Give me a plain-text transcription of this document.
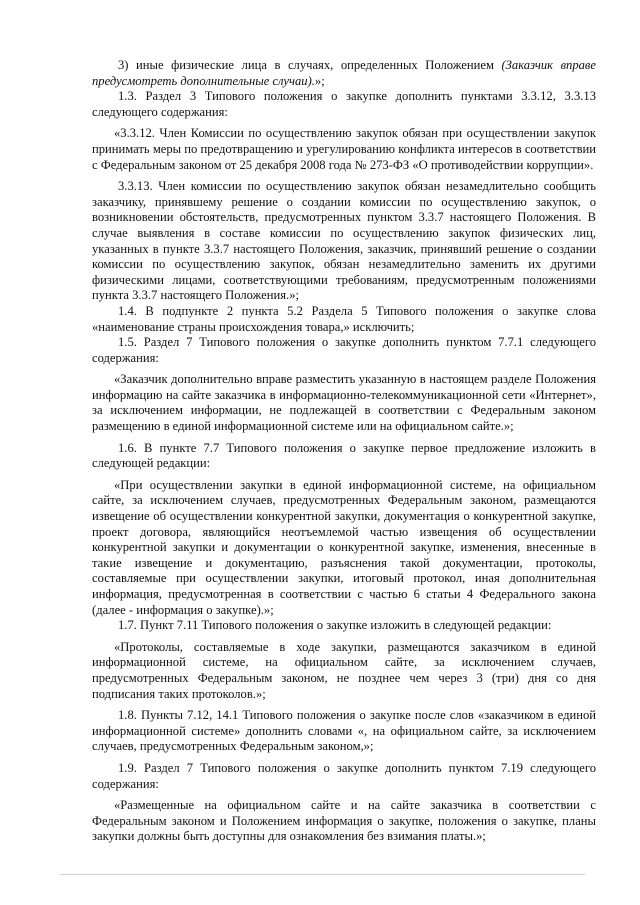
3) иные физические лица в случаях, определенных Положением (Заказчик вправе предусмотреть дополнительные случаи).»;

1.3. Раздел 3 Типового положения о закупке дополнить пунктами 3.3.12, 3.3.13 следующего содержания:

«3.3.12. Член Комиссии по осуществлению закупок обязан при осуществлении закупок принимать меры по предотвращению и урегулированию конфликта интересов в соответствии с Федеральным законом от 25 декабря 2008 года № 273-ФЗ «О противодействии коррупции».

3.3.13. Член комиссии по осуществлению закупок обязан незамедлительно сообщить заказчику, принявшему решение о создании комиссии по осуществлению закупок, о возникновении обстоятельств, предусмотренных пунктом 3.3.7 настоящего Положения. В случае выявления в составе комиссии по осуществлению закупок физических лиц, указанных в пункте 3.3.7 настоящего Положения, заказчик, принявший решение о создании комиссии по осуществлению закупок, обязан незамедлительно заменить их другими физическими лицами, соответствующими требованиям, предусмотренным положениями пункта 3.3.7 настоящего Положения.»;

1.4. В подпункте 2 пункта 5.2 Раздела 5 Типового положения о закупке слова «наименование страны происхождения товара,» исключить;

1.5. Раздел 7 Типового положения о закупке дополнить пунктом 7.7.1 следующего содержания:

«Заказчик дополнительно вправе разместить указанную в настоящем разделе Положения информацию на сайте заказчика в информационно-телекоммуникационной сети «Интернет», за исключением информации, не подлежащей в соответствии с Федеральным законом размещению в единой информационной системе или на официальном сайте.»;

1.6. В пункте 7.7 Типового положения о закупке первое предложение изложить в следующей редакции:

«При осуществлении закупки в единой информационной системе, на официальном сайте, за исключением случаев, предусмотренных Федеральным законом, размещаются извещение об осуществлении конкурентной закупки, документация о конкурентной закупке, проект договора, являющийся неотъемлемой частью извещения об осуществлении конкурентной закупки и документации о конкурентной закупке, изменения, внесенные в такие извещение и документацию, разъяснения такой документации, протоколы, составляемые при осуществлении закупки, итоговый протокол, иная дополнительная информация, предусмотренная в соответствии с частью 6 статьи 4 Федерального закона (далее - информация о закупке).»;

1.7. Пункт 7.11 Типового положения о закупке изложить в следующей редакции:

«Протоколы, составляемые в ходе закупки, размещаются заказчиком в единой информационной системе, на официальном сайте, за исключением случаев, предусмотренных Федеральным законом, не позднее чем через 3 (три) дня со дня подписания таких протоколов.»;

1.8. Пункты 7.12, 14.1 Типового положения о закупке после слов «заказчиком в единой информационной системе» дополнить словами «, на официальном сайте, за исключением случаев, предусмотренных Федеральным законом,»;

1.9. Раздел 7 Типового положения о закупке дополнить пунктом 7.19 следующего содержания:

«Размещенные на официальном сайте и на сайте заказчика в соответствии с Федеральным законом и Положением информация о закупке, положения о закупке, планы закупки должны быть доступны для ознакомления без взимания платы.»;
